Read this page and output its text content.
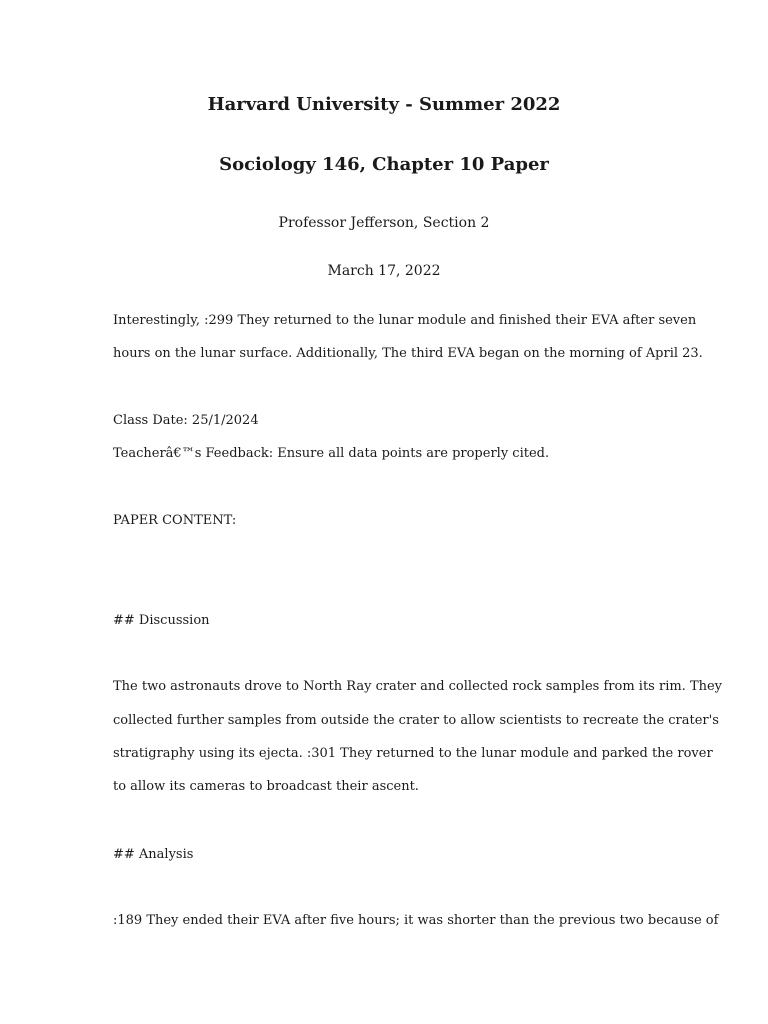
Harvard University - Summer 2022
Sociology 146, Chapter 10 Paper

Professor Jefferson, Section 2

March 17, 2022

Interestingly, :299 They returned to the lunar module and finished their EVA after seven

hours on the lunar surface. Additionally, The third EVA began on the morning of April 23.

Class Date: 25/1/2024

Teacherâ€™s Feedback: Ensure all data points are properly cited.

PAPER CONTENT:

## Discussion

The two astronauts drove to North Ray crater and collected rock samples from its rim. They

collected further samples from outside the crater to allow scientists to recreate the crater's

stratigraphy using its ejecta. :301 They returned to the lunar module and parked the rover

to allow its cameras to broadcast their ascent.

## Analysis

:189 They ended their EVA after five hours; it was shorter than the previous two because of
